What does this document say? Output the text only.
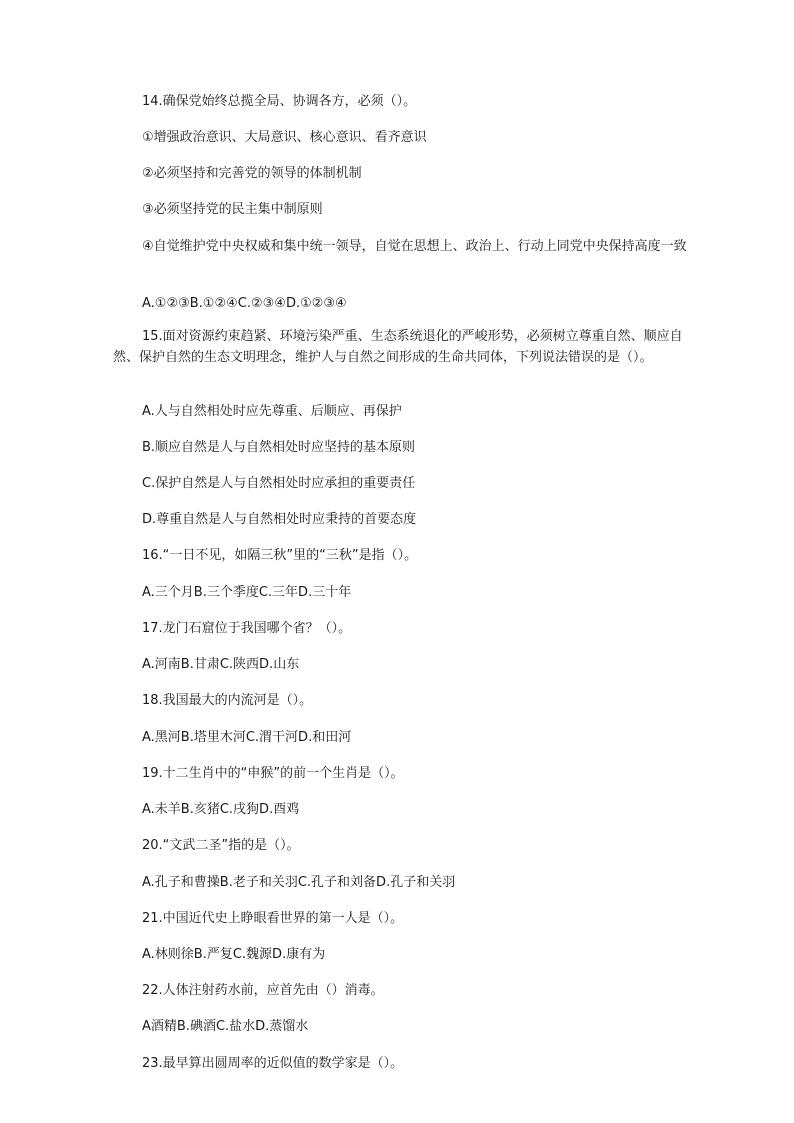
14.确保党始终总揽全局、协调各方，必须（）。
①增强政治意识、大局意识、核心意识、看齐意识
②必须坚持和完善党的领导的体制机制
③必须坚持党的民主集中制原则
④自觉维护党中央权威和集中统一领导，自觉在思想上、政治上、行动上同党中央保持高度一致
A.①②③B.①②④C.②③④D.①②③④
15.面对资源约束趋紧、环境污染严重、生态系统退化的严峻形势，必须树立尊重自然、顺应自然、保护自然的生态文明理念，维护人与自然之间形成的生命共同体，下列说法错误的是（）。
A.人与自然相处时应先尊重、后顺应、再保护
B.顺应自然是人与自然相处时应坚持的基本原则
C.保护自然是人与自然相处时应承担的重要责任
D.尊重自然是人与自然相处时应秉持的首要态度
16.“一日不见，如隔三秋”里的“三秋”是指（）。
A.三个月B.三个季度C.三年D.三十年
17.龙门石窟位于我国哪个省？（）。
A.河南B.甘肃C.陕西D.山东
18.我国最大的内流河是（）。
A.黑河B.塔里木河C.渭干河D.和田河
19.十二生肖中的“申猴”的前一个生肖是（）。
A.未羊B.亥猪C.戌狗D.酉鸡
20.“文武二圣”指的是（）。
A.孔子和曹操B.老子和关羽C.孔子和刘备D.孔子和关羽
21.中国近代史上睁眼看世界的第一人是（）。
A.林则徐B.严复C.魏源D.康有为
22.人体注射药水前，应首先由（）消毒。
A酒精B.碘酒C.盐水D.蒸馏水
23.最早算出圆周率的近似值的数学家是（）。
